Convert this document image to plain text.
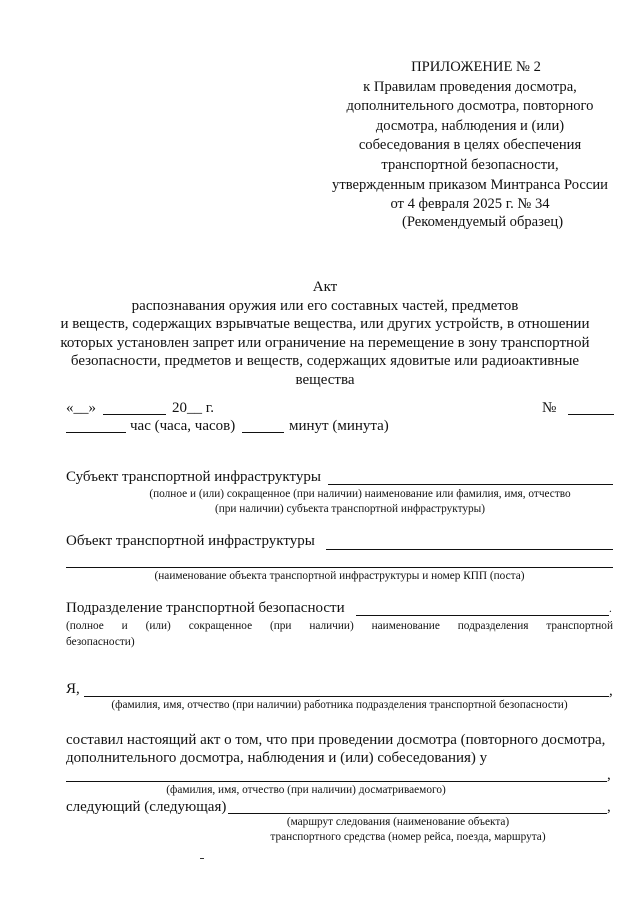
ПРИЛОЖЕНИЕ № 2
к Правилам проведения досмотра,
дополнительного досмотра, повторного
досмотра, наблюдения и (или)
собеседования в целях обеспечения
транспортной безопасности,
утвержденным приказом Минтранса России
от 4 февраля 2025 г. № 34
(Рекомендуемый образец)
Акт
распознавания оружия или его составных частей, предметов
и веществ, содержащих взрывчатые вещества, или других устройств, в отношении
которых установлен запрет или ограничение на перемещение в зону транспортной
безопасности, предметов и веществ, содержащих ядовитые или радиоактивные
вещества
«__»	20__ г.	№
час (часа, часов)	минут (минута)
Субъект транспортной инфраструктуры
(полное и (или) сокращенное (при наличии) наименование или фамилия, имя, отчество
(при наличии) субъекта транспортной инфраструктуры)
Объект транспортной инфраструктуры
(наименование объекта транспортной инфраструктуры и номер КПП (поста)
Подразделение транспортной безопасности	.
(полное и (или) сокращенное (при наличии) наименование подразделения транспортной
безопасности)
Я,	,
(фамилия, имя, отчество (при наличии) работника подразделения транспортной безопасности)
составил настоящий акт о том, что при проведении досмотра (повторного досмотра,
дополнительного досмотра, наблюдения и (или) собеседования) у
,
(фамилия, имя, отчество (при наличии) досматриваемого)
следующий (следующая)	,
(маршрут следования (наименование объекта)
транспортного средства (номер рейса, поезда, маршрута)
